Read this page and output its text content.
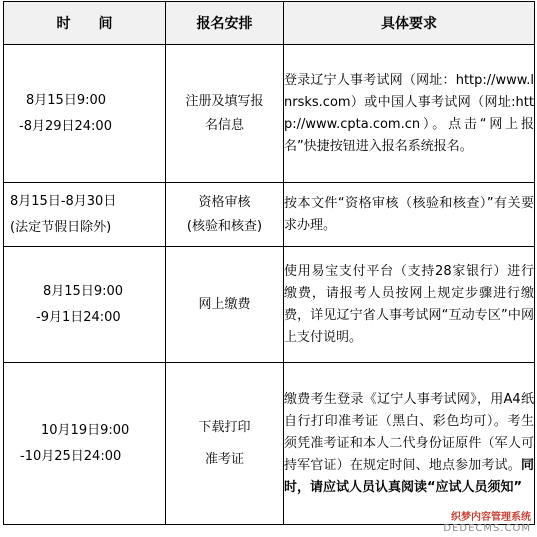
时　　间	报名安排	具体要求

8月15日9:00
-8月29日24:00	注册及填写报
名信息	登录辽宁人事考试网（网址：http://www.lnrsks.com）或中国人事考试网（网址:http://www.cpta.com.cn）。点击“网上报名”快捷按钮进入报名系统报名。

8月15日-8月30日
(法定节假日除外)	资格审核
(核验和核查)	按本文件“资格审核（核验和核查）”有关要求办理。

8月15日9:00
-9月1日24:00	网上缴费	使用易宝支付平台（支持28家银行）进行缴费，请报考人员按网上规定步骤进行缴费，详见辽宁省人事考试网“互动专区”中网上支付说明。

10月19日9:00
-10月25日24:00	下载打印
准考证	缴费考生登录《辽宁人事考试网》，用A4纸自行打印准考证（黑白、彩色均可）。考生须凭准考证和本人二代身份证原件（军人可持军官证）在规定时间、地点参加考试。同时，请应试人员认真阅读“应试人员须知”
织梦内容管理系统
DEDECMS.COM
